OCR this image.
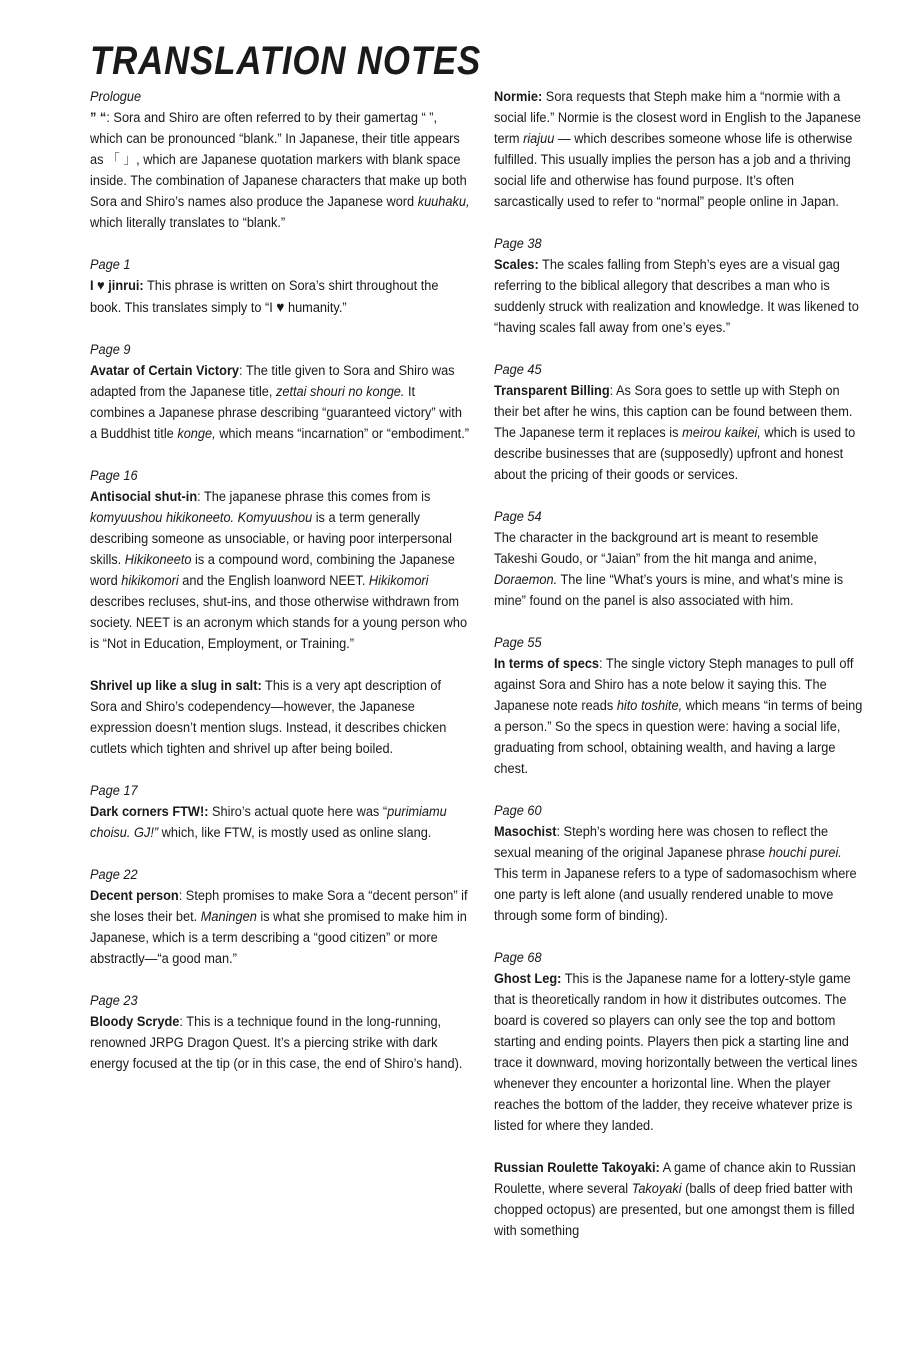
TRANSLATION NOTES

Prologue
” “: Sora and Shiro are often referred to by their gamertag “ ”, which can be pronounced “blank.” In Japanese, their title appears as 「 」, which are Japanese quotation markers with blank space inside. The combination of Japanese characters that make up both Sora and Shiro’s names also produce the Japanese word kuuhaku, which literally translates to “blank.”

Page 1
I ♥ jinrui: This phrase is written on Sora’s shirt throughout the book. This translates simply to “I ♥ humanity.”

Page 9
Avatar of Certain Victory: The title given to Sora and Shiro was adapted from the Japanese title, zettai shouri no konge. It combines a Japanese phrase describing “guaranteed victory” with a Buddhist title konge, which means “incarnation” or “embodiment.”

Page 16
Antisocial shut-in: The japanese phrase this comes from is komyuushou hikikoneeto. Komyuushou is a term generally describing someone as unsociable, or having poor interpersonal skills. Hikikoneeto is a compound word, combining the Japanese word hikikomori and the English loanword NEET. Hikikomori describes recluses, shut-ins, and those otherwise withdrawn from society. NEET is an acronym which stands for a young person who is “Not in Education, Employment, or Training.”

Shrivel up like a slug in salt: This is a very apt description of Sora and Shiro’s codependency—however, the Japanese expression doesn’t mention slugs. Instead, it describes chicken cutlets which tighten and shrivel up after being boiled.

Page 17
Dark corners FTW!: Shiro’s actual quote here was “purimiamu choisu. GJ!” which, like FTW, is mostly used as online slang.

Page 22
Decent person: Steph promises to make Sora a “decent person” if she loses their bet. Maningen is what she promised to make him in Japanese, which is a term describing a “good citizen” or more abstractly—“a good man.”

Page 23
Bloody Scryde: This is a technique found in the long-running, renowned JRPG Dragon Quest. It’s a piercing strike with dark energy focused at the tip (or in this case, the end of Shiro’s hand).

Normie: Sora requests that Steph make him a “normie with a social life.” Normie is the closest word in English to the Japanese term riajuu — which describes someone whose life is otherwise fulfilled. This usually implies the person has a job and a thriving social life and otherwise has found purpose. It’s often sarcastically used to refer to “normal” people online in Japan.

Page 38
Scales: The scales falling from Steph’s eyes are a visual gag referring to the biblical allegory that describes a man who is suddenly struck with realization and knowledge. It was likened to “having scales fall away from one’s eyes.”

Page 45
Transparent Billing: As Sora goes to settle up with Steph on their bet after he wins, this caption can be found between them. The Japanese term it replaces is meirou kaikei, which is used to describe businesses that are (supposedly) upfront and honest about the pricing of their goods or services.

Page 54
The character in the background art is meant to resemble Takeshi Goudo, or “Jaian” from the hit manga and anime, Doraemon. The line “What’s yours is mine, and what’s mine is mine” found on the panel is also associated with him.

Page 55
In terms of specs: The single victory Steph manages to pull off against Sora and Shiro has a note below it saying this. The Japanese note reads hito toshite, which means “in terms of being a person.” So the specs in question were: having a social life, graduating from school, obtaining wealth, and having a large chest.

Page 60
Masochist: Steph’s wording here was chosen to reflect the sexual meaning of the original Japanese phrase houchi purei. This term in Japanese refers to a type of sadomasochism where one party is left alone (and usually rendered unable to move through some form of binding).

Page 68
Ghost Leg: This is the Japanese name for a lottery-style game that is theoretically random in how it distributes outcomes. The board is covered so players can only see the top and bottom starting and ending points. Players then pick a starting line and trace it downward, moving horizontally between the vertical lines whenever they encounter a horizontal line. When the player reaches the bottom of the ladder, they receive whatever prize is listed for where they landed.

Russian Roulette Takoyaki: A game of chance akin to Russian Roulette, where several Takoyaki (balls of deep fried batter with chopped octopus) are presented, but one amongst them is filled with something
